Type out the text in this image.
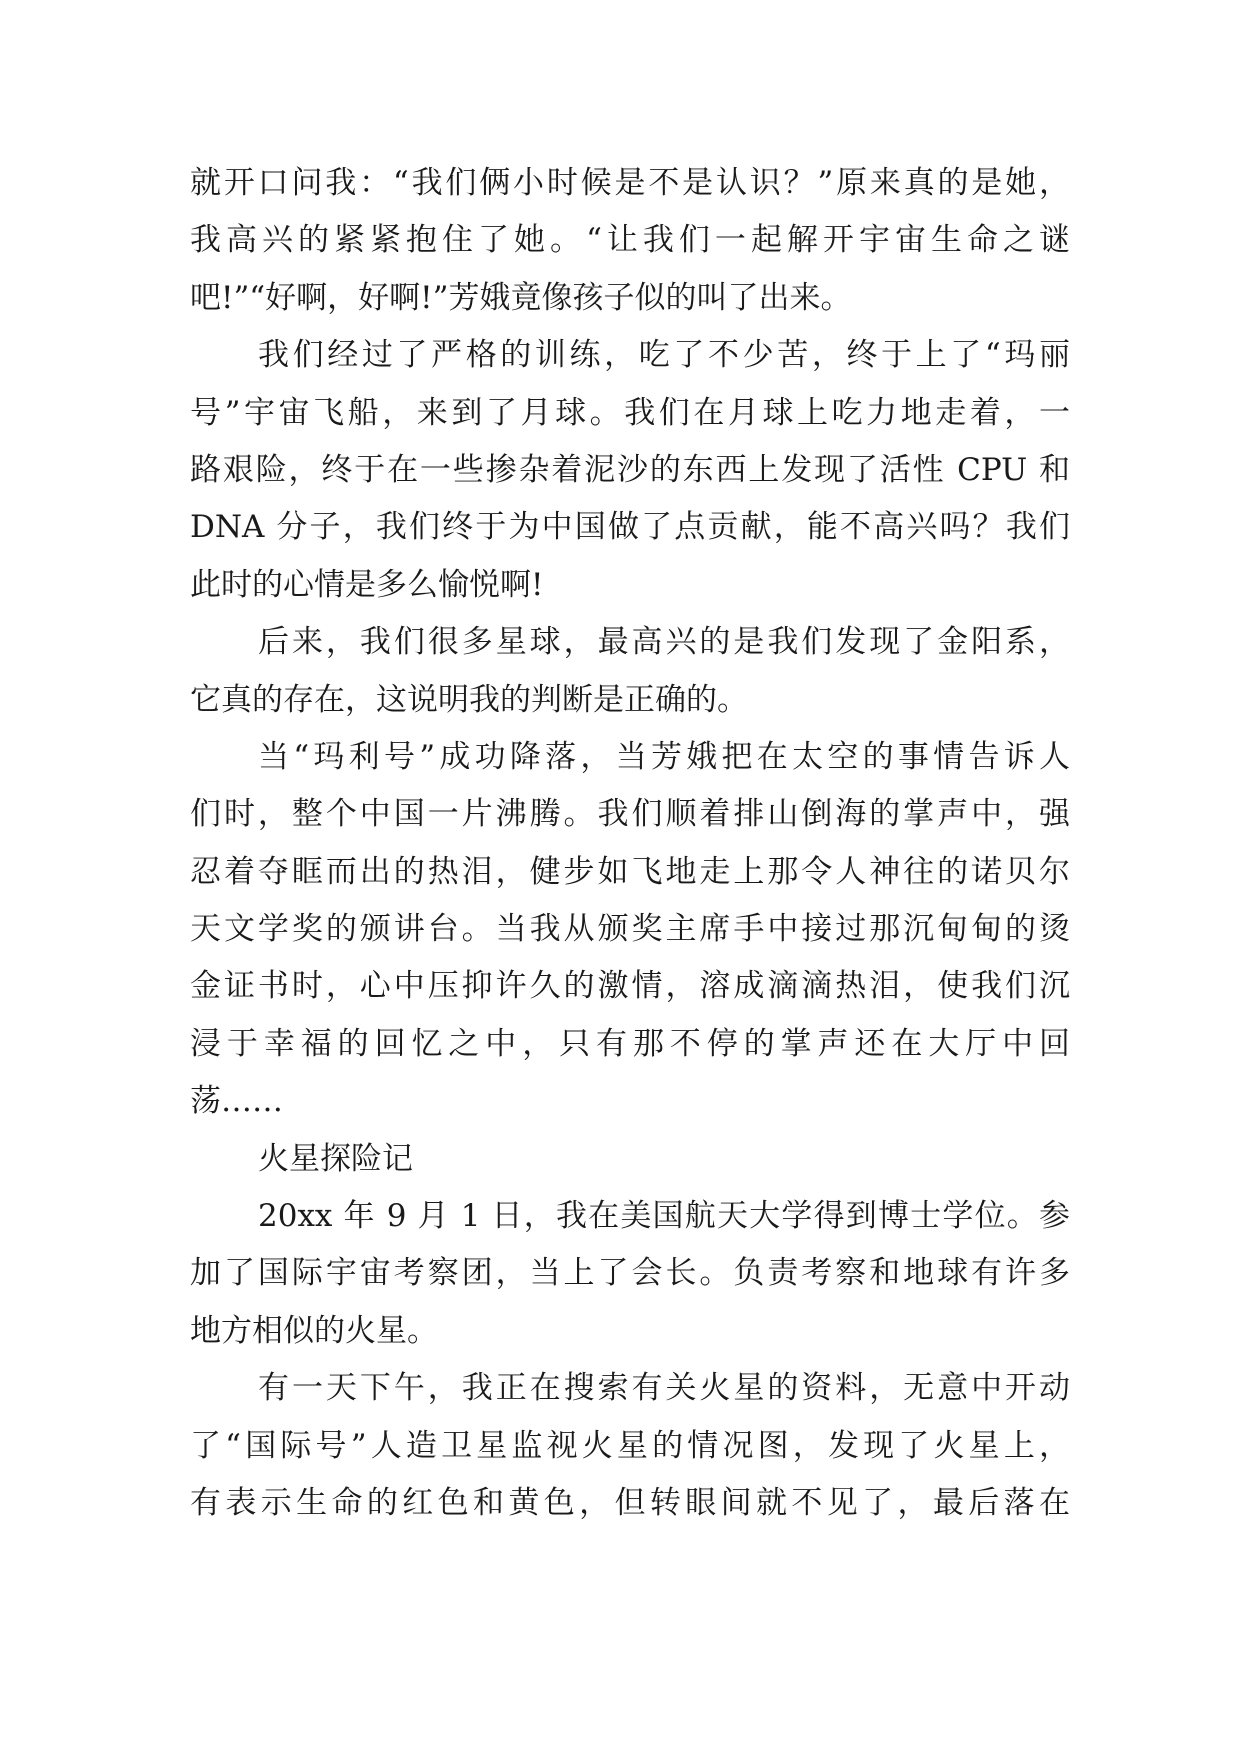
就开口问我：“我们俩小时候是不是认识？”原来真的是她，
我高兴的紧紧抱住了她。“让我们一起解开宇宙生命之谜
吧!”“好啊，好啊!”芳娥竟像孩子似的叫了出来。
我们经过了严格的训练，吃了不少苦，终于上了“玛丽
号”宇宙飞船，来到了月球。我们在月球上吃力地走着，一
路艰险，终于在一些掺杂着泥沙的东西上发现了活性 CPU 和
DNA 分子，我们终于为中国做了点贡献，能不高兴吗？我们
此时的心情是多么愉悦啊!
后来，我们很多星球，最高兴的是我们发现了金阳系，
它真的存在，这说明我的判断是正确的。
当“玛利号”成功降落，当芳娥把在太空的事情告诉人
们时，整个中国一片沸腾。我们顺着排山倒海的掌声中，强
忍着夺眶而出的热泪，健步如飞地走上那令人神往的诺贝尔
天文学奖的颁讲台。当我从颁奖主席手中接过那沉甸甸的烫
金证书时，心中压抑许久的激情，溶成滴滴热泪，使我们沉
浸于幸福的回忆之中，只有那不停的掌声还在大厅中回
荡……
火星探险记
20xx 年 9 月 1 日，我在美国航天大学得到博士学位。参
加了国际宇宙考察团，当上了会长。负责考察和地球有许多
地方相似的火星。
有一天下午，我正在搜索有关火星的资料，无意中开动
了“国际号”人造卫星监视火星的情况图，发现了火星上，
有表示生命的红色和黄色，但转眼间就不见了，最后落在
